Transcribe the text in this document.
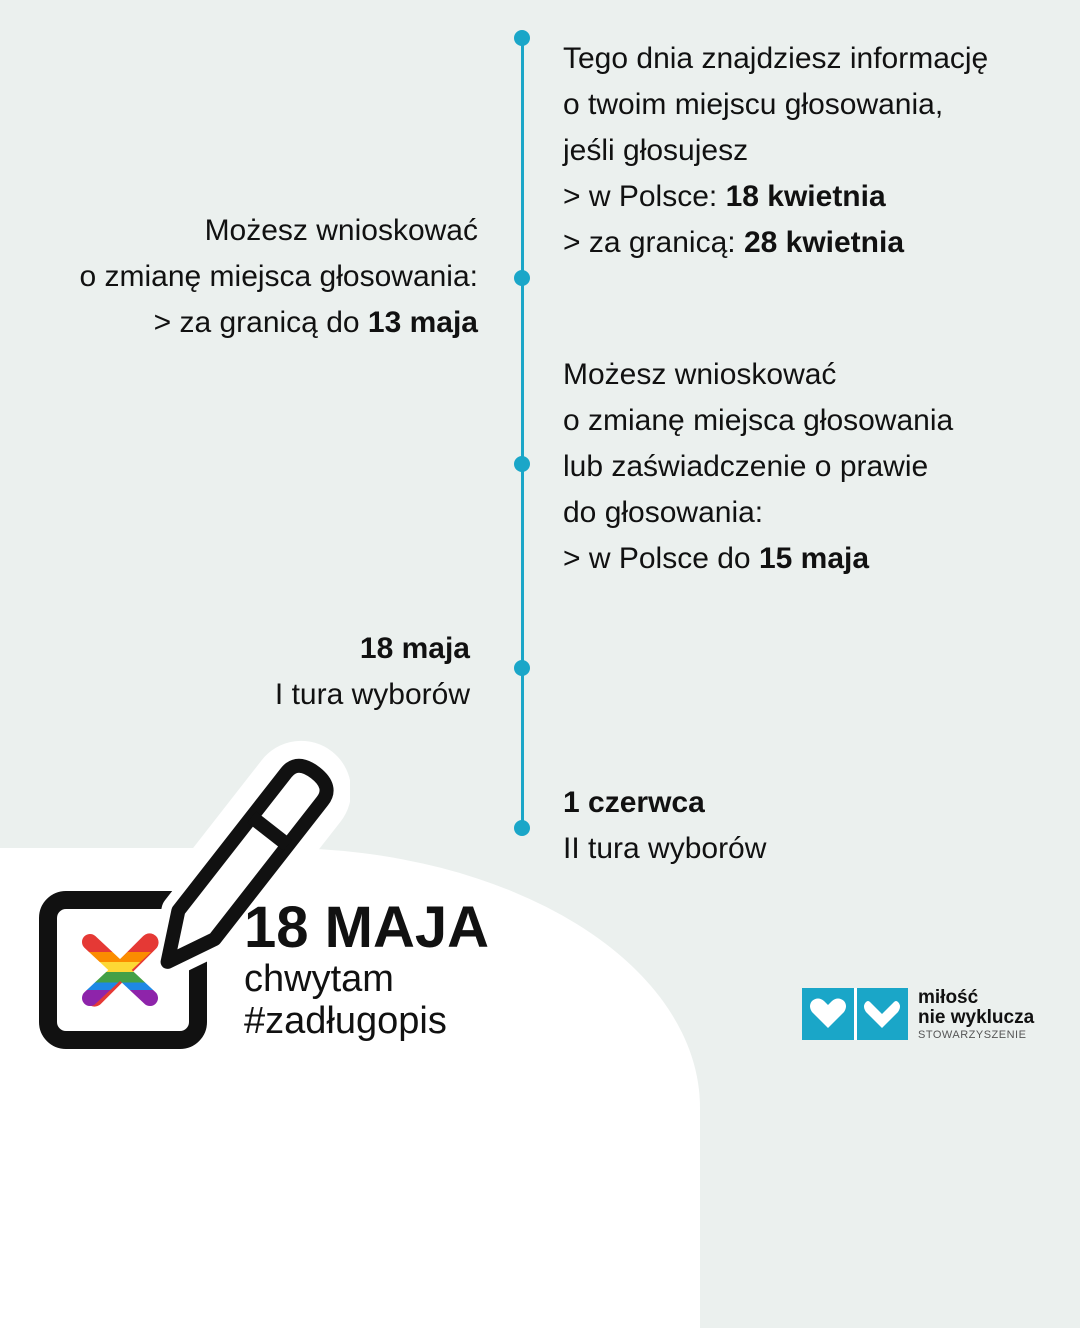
Tego dnia znajdziesz informację

o twoim miejscu głosowania,

jeśli głosujesz

> w Polsce: 18 kwietnia

> za granicą: 28 kwietnia

Możesz wnioskować

o zmianę miejsca głosowania:

> za granicą do 13 maja

Możesz wnioskować

o zmianę miejsca głosowania

lub zaświadczenie o prawie

do głosowania:

> w Polsce do 15 maja

18 maja

I tura wyborów

1 czerwca

II tura wyborów

18 MAJA
chwytam
#zadługopis
miłość
nie wyklucza
STOWARZYSZENIE
